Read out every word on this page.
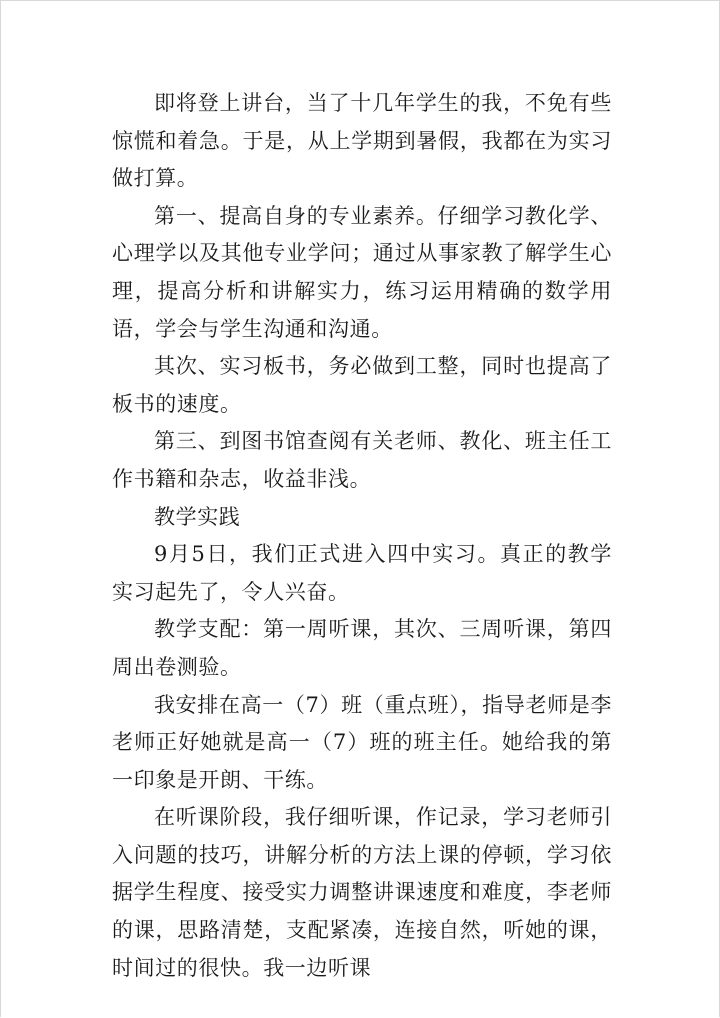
即将登上讲台，当了十几年学生的我，不免有些惊慌和着急。于是，从上学期到暑假，我都在为实习做打算。

第一、提高自身的专业素养。仔细学习教化学、心理学以及其他专业学问；通过从事家教了解学生心理，提高分析和讲解实力，练习运用精确的数学用语，学会与学生沟通和沟通。

其次、实习板书，务必做到工整，同时也提高了板书的速度。

第三、到图书馆查阅有关老师、教化、班主任工作书籍和杂志，收益非浅。

教学实践

9月5日，我们正式进入四中实习。真正的教学实习起先了，令人兴奋。

教学支配：第一周听课，其次、三周听课，第四周出卷测验。

我安排在高一（7）班（重点班），指导老师是李老师正好她就是高一（7）班的班主任。她给我的第一印象是开朗、干练。

在听课阶段，我仔细听课，作记录，学习老师引入问题的技巧，讲解分析的方法上课的停顿，学习依据学生程度、接受实力调整讲课速度和难度，李老师的课，思路清楚，支配紧凑，连接自然，听她的课，时间过的很快。我一边听课
